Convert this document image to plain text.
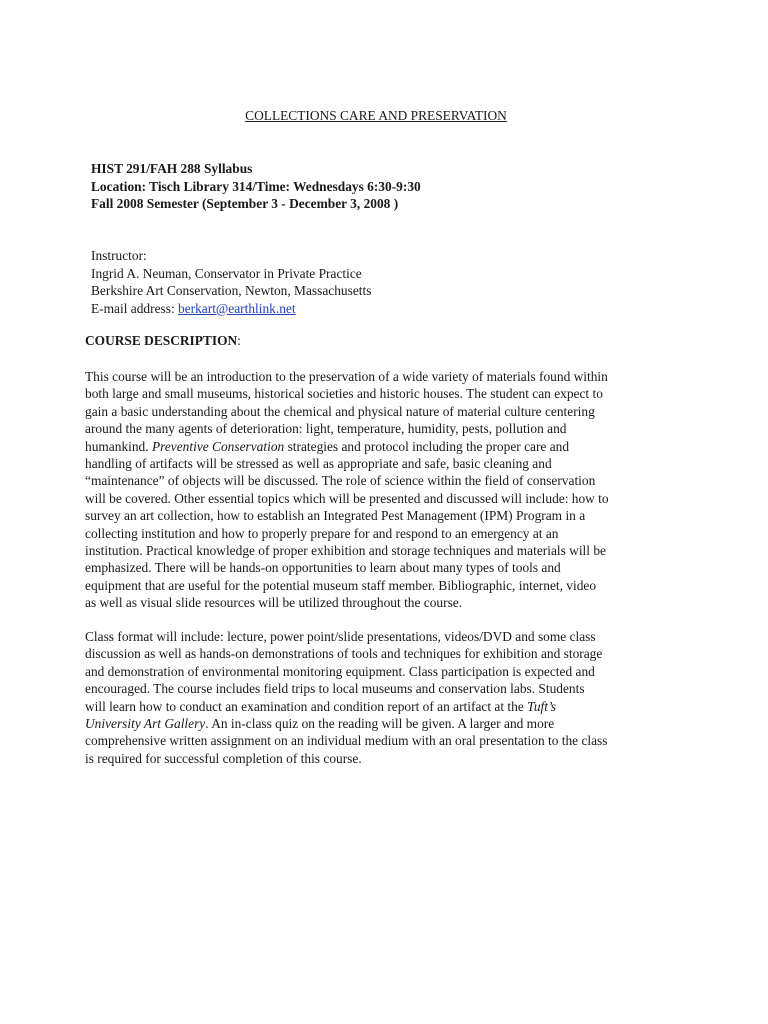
COLLECTIONS CARE AND PRESERVATION
HIST 291/FAH 288 Syllabus
Location: Tisch Library 314/Time: Wednesdays 6:30-9:30
Fall 2008 Semester (September 3 - December 3, 2008 )
Instructor:
Ingrid A. Neuman, Conservator in Private Practice
Berkshire Art Conservation, Newton, Massachusetts
E-mail address: berkart@earthlink.net
COURSE DESCRIPTION:
This course will be an introduction to the preservation of a wide variety of materials found within
both large and small museums, historical societies and historic houses. The student can expect to
gain a basic understanding about the chemical and physical nature of material culture centering
around the many agents of deterioration: light, temperature, humidity, pests, pollution and
humankind. Preventive Conservation strategies and protocol including the proper care and
handling of artifacts will be stressed as well as appropriate and safe, basic cleaning and
“maintenance” of objects will be discussed. The role of science within the field of conservation
will be covered. Other essential topics which will be presented and discussed will include: how to
survey an art collection, how to establish an Integrated Pest Management (IPM) Program in a
collecting institution and how to properly prepare for and respond to an emergency at an
institution. Practical knowledge of proper exhibition and storage techniques and materials will be
emphasized. There will be hands-on opportunities to learn about many types of tools and
equipment that are useful for the potential museum staff member. Bibliographic, internet, video
as well as visual slide resources will be utilized throughout the course.
Class format will include: lecture, power point/slide presentations, videos/DVD and some class
discussion as well as hands-on demonstrations of tools and techniques for exhibition and storage
and demonstration of environmental monitoring equipment. Class participation is expected and
encouraged. The course includes field trips to local museums and conservation labs. Students
will learn how to conduct an examination and condition report of an artifact at the Tuft’s
University Art Gallery. An in-class quiz on the reading will be given. A larger and more
comprehensive written assignment on an individual medium with an oral presentation to the class
is required for successful completion of this course.
